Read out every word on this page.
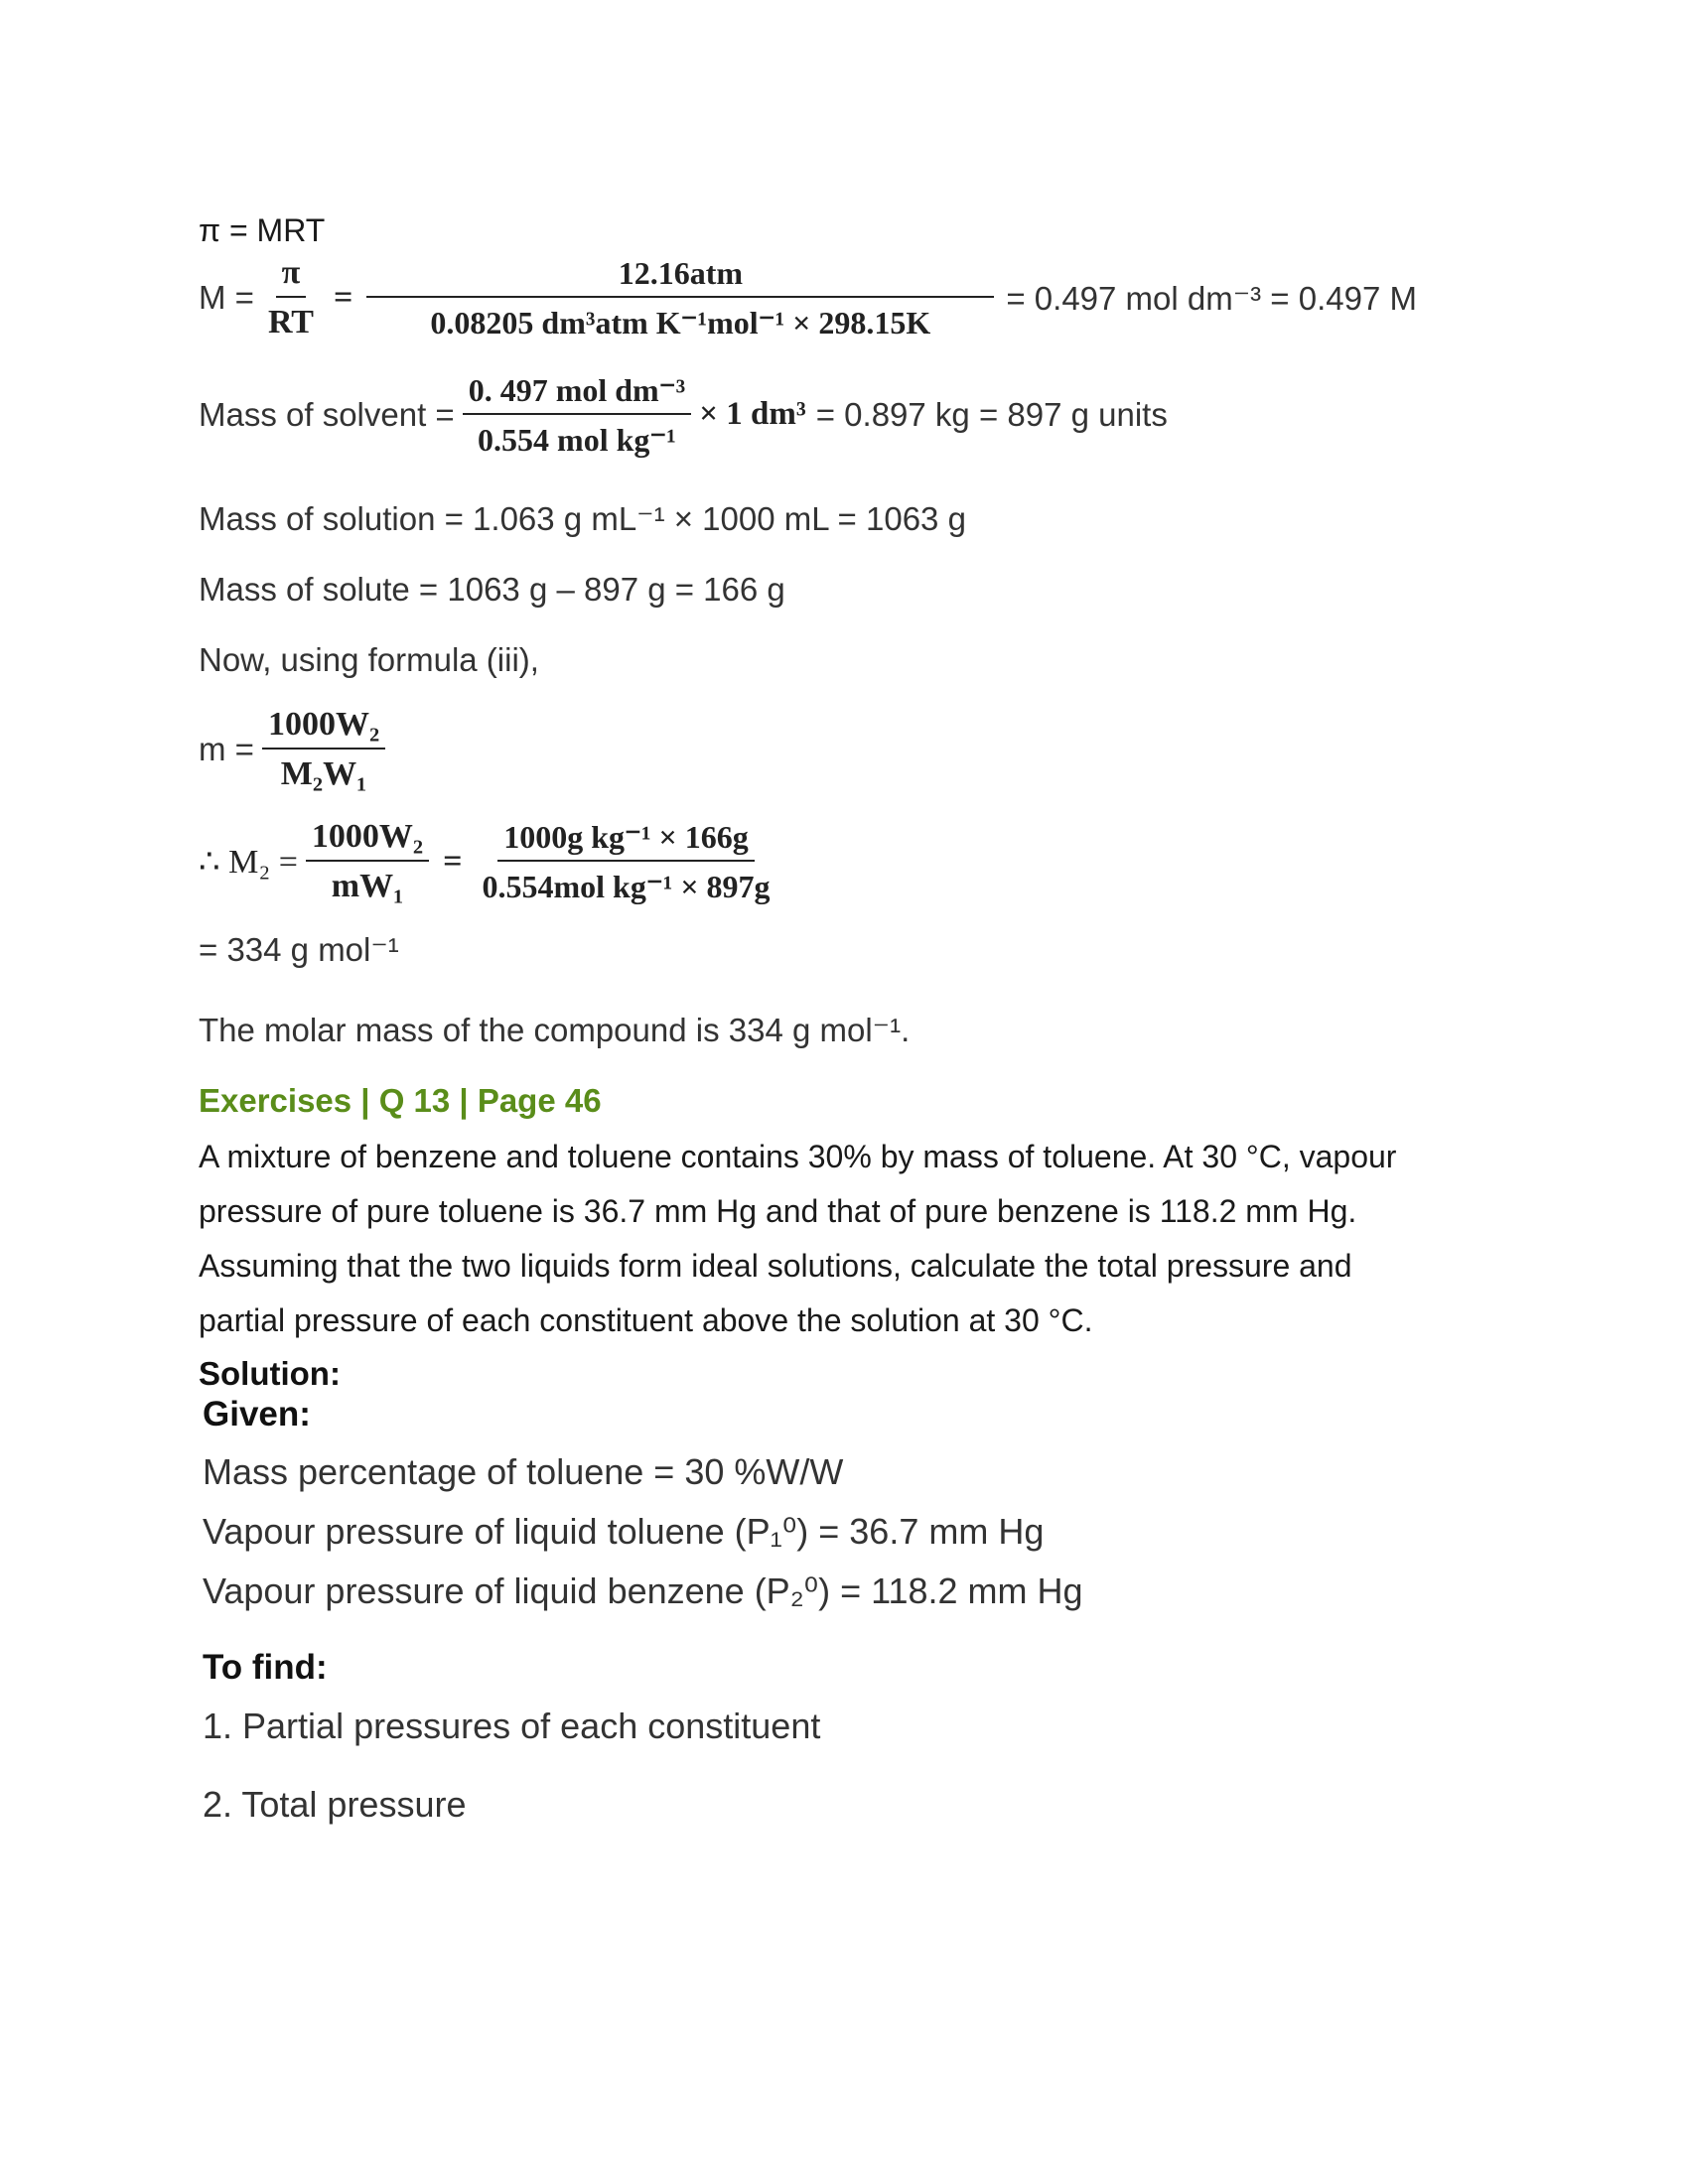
π = MRT
$M = \frac{\pi}{RT} = \frac{\text{12.16atm}}{\text{0.08205 dm³atm K⁻¹mol⁻¹ × 298.15K}} = 0.497$ mol dm⁻³ = 0.497 M
Mass of solvent = $\frac{\text{0. 497 mol dm⁻³}}{\text{0.554 mol kg⁻¹}} \times 1$ dm³ = 0.897 kg = 897 g units
Mass of solution = 1.063 g mL⁻¹ × 1000 mL = 1063 g
Mass of solute = 1063 g – 897 g = 166 g
Now, using formula (iii),
$m = \frac{\text{1000W₂}}{\text{M₂W₁}}$
∴ $M_2 = \frac{\text{1000W₂}}{\text{mW₁}} = \frac{\text{1000g kg⁻¹ × 166g}}{\text{0.554mol kg⁻¹ × 897g}}$
= 334 g mol⁻¹
The molar mass of the compound is 334 g mol⁻¹.
Exercises | Q 13 | Page 46
A mixture of benzene and toluene contains 30% by mass of toluene. At 30 °C, vapour
pressure of pure toluene is 36.7 mm Hg and that of pure benzene is 118.2 mm Hg.
Assuming that the two liquids form ideal solutions, calculate the total pressure and
partial pressure of each constituent above the solution at 30 °C.
Solution:
Given:
Mass percentage of toluene = 30 %W/W
Vapour pressure of liquid toluene (P₁⁰) = 36.7 mm Hg
Vapour pressure of liquid benzene (P₂⁰) = 118.2 mm Hg
To find:
1. Partial pressures of each constituent
2. Total pressure
